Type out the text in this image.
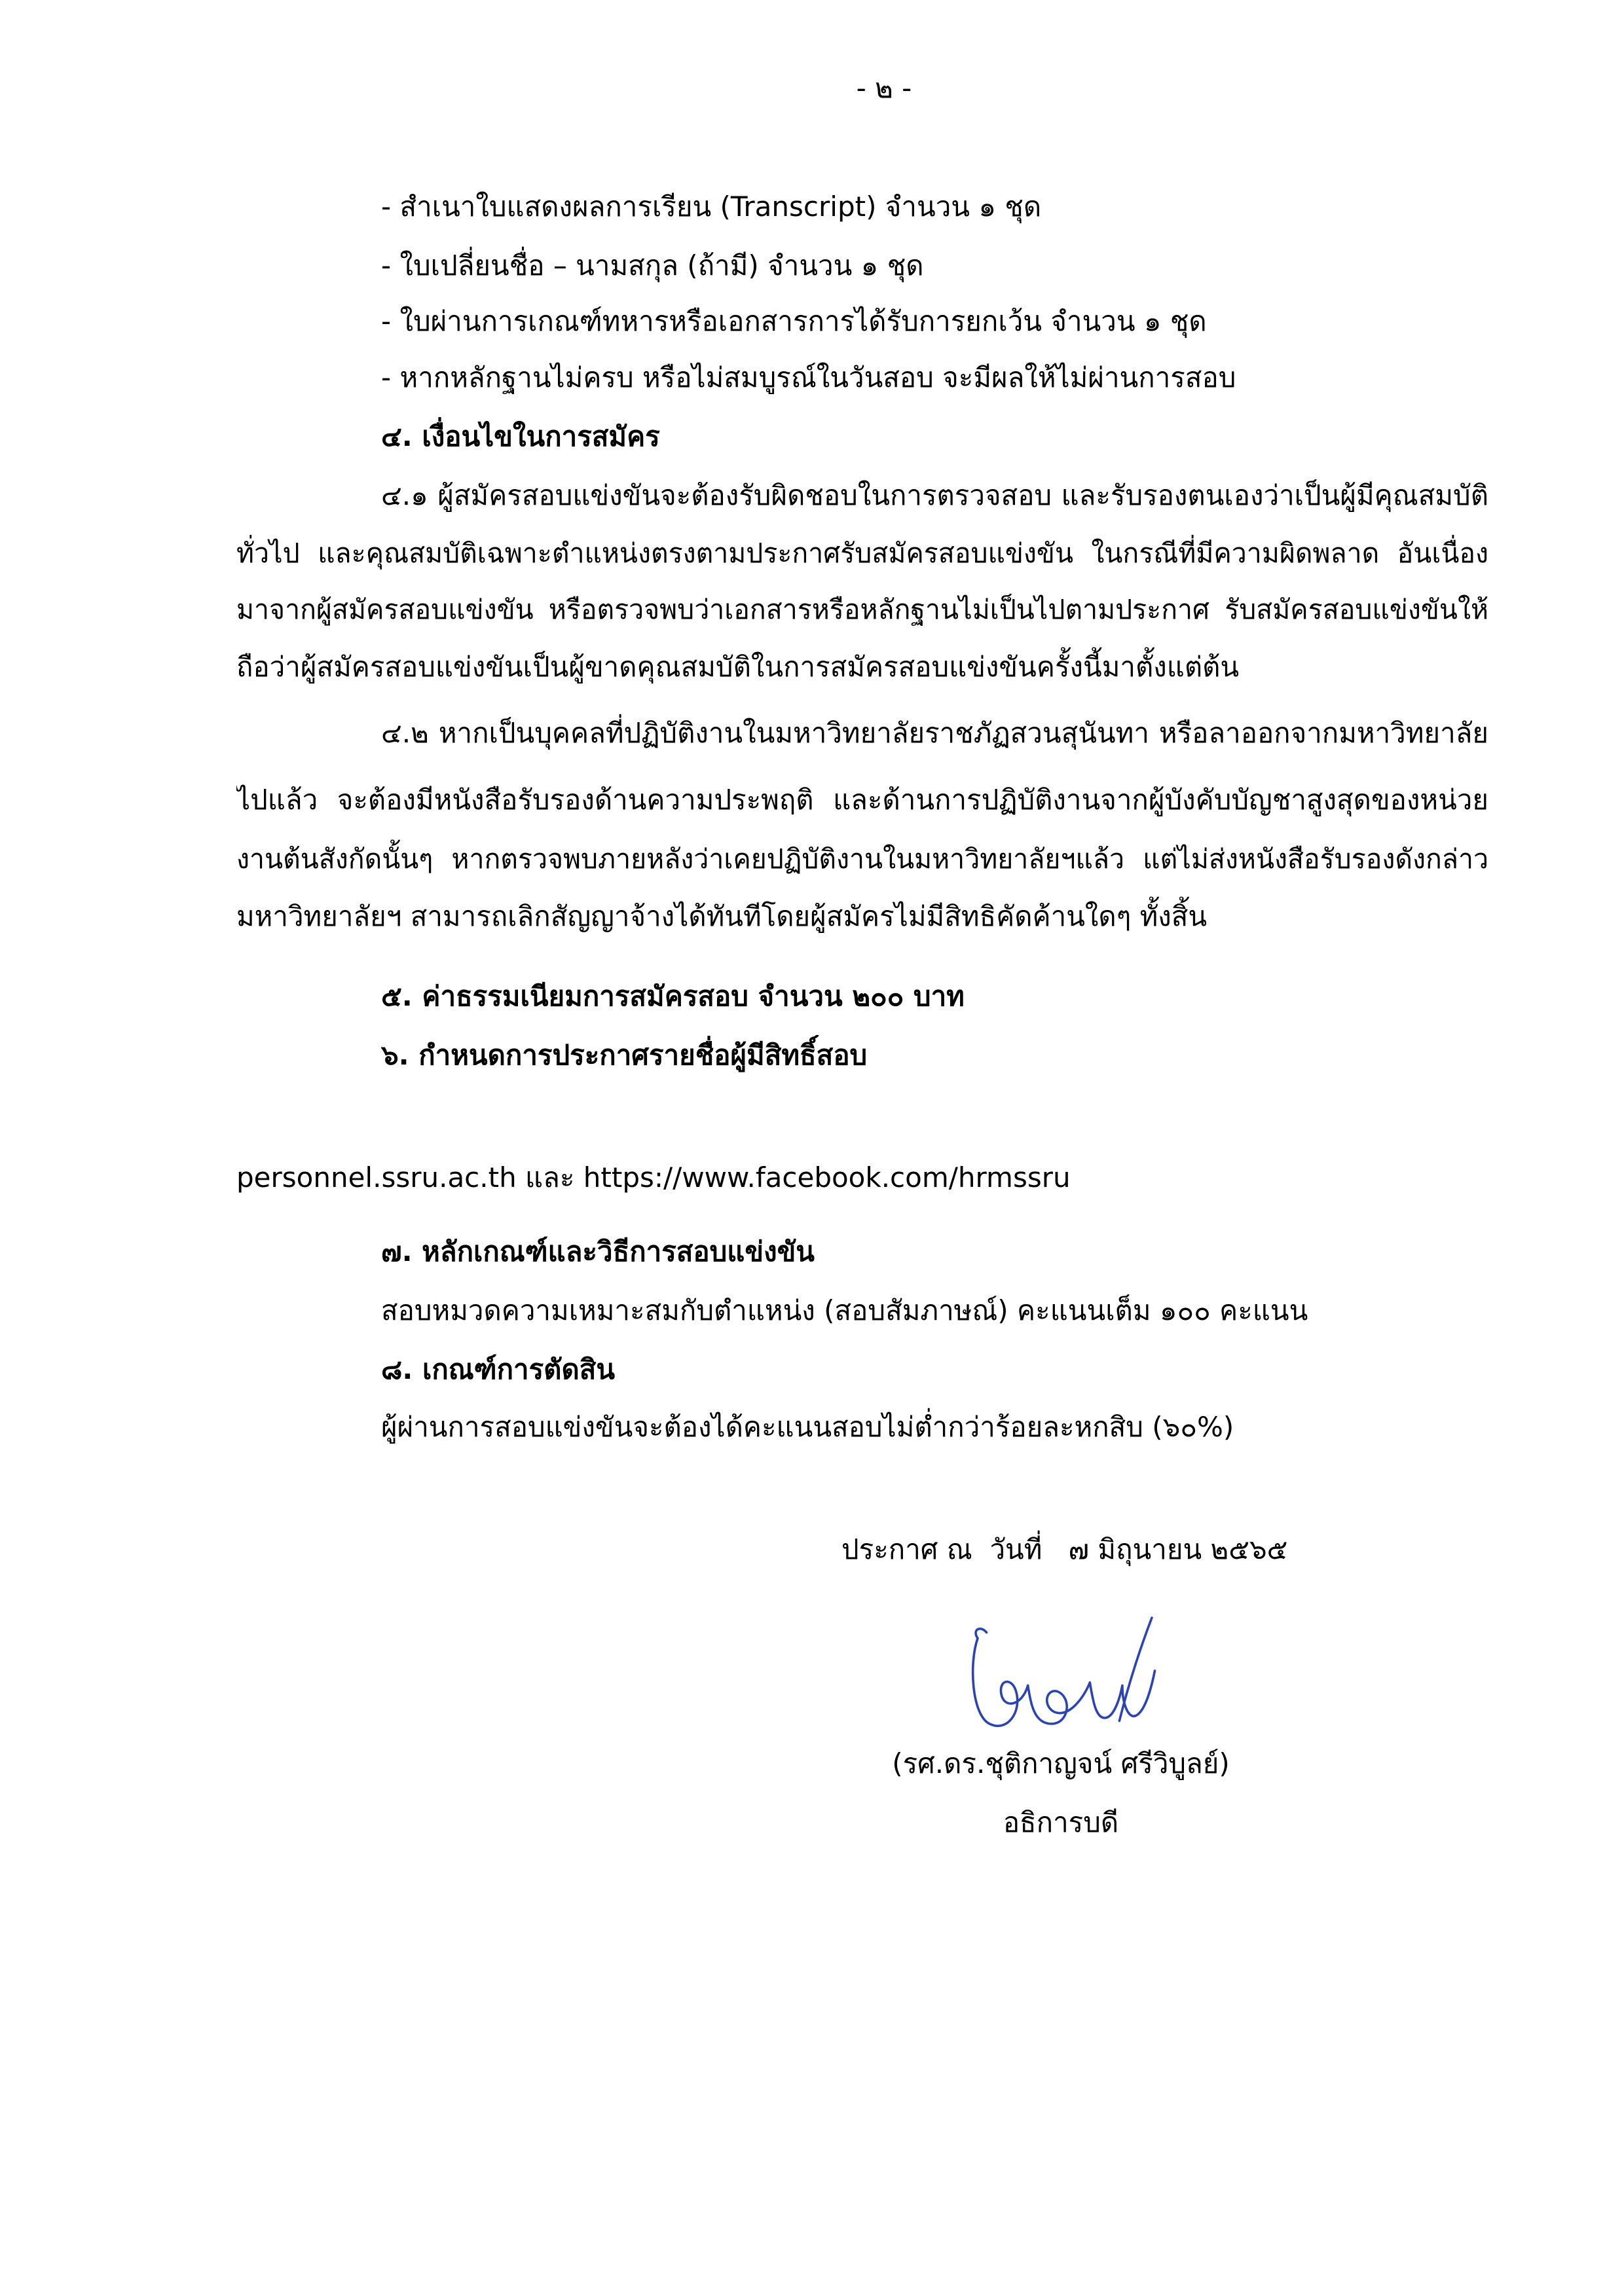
- ๒ -
- สำเนาใบแสดงผลการเรียน (Transcript) จำนวน ๑ ชุด
- ใบเปลี่ยนชื่อ – นามสกุล (ถ้ามี) จำนวน ๑ ชุด
- ใบผ่านการเกณฑ์ทหารหรือเอกสารการได้รับการยกเว้น จำนวน ๑ ชุด
- หากหลักฐานไม่ครบ หรือไม่สมบูรณ์ในวันสอบ จะมีผลให้ไม่ผ่านการสอบ
๔. เงื่อนไขในการสมัคร
๔.๑ ผู้สมัครสอบแข่งขันจะต้องรับผิดชอบในการตรวจสอบ และรับรองตนเองว่าเป็นผู้มีคุณสมบัติ
ทั่วไป และคุณสมบัติเฉพาะตำแหน่งตรงตามประกาศรับสมัครสอบแข่งขัน ในกรณีที่มีความผิดพลาด อันเนื่อง
มาจากผู้สมัครสอบแข่งขัน หรือตรวจพบว่าเอกสารหรือหลักฐานไม่เป็นไปตามประกาศ รับสมัครสอบแข่งขันให้
ถือว่าผู้สมัครสอบแข่งขันเป็นผู้ขาดคุณสมบัติในการสมัครสอบแข่งขันครั้งนี้มาตั้งแต่ต้น
๔.๒ หากเป็นบุคคลที่ปฏิบัติงานในมหาวิทยาลัยราชภัฏสวนสุนันทา หรือลาออกจากมหาวิทยาลัย
ไปแล้ว จะต้องมีหนังสือรับรองด้านความประพฤติ และด้านการปฏิบัติงานจากผู้บังคับบัญชาสูงสุดของหน่วย
งานต้นสังกัดนั้นๆ หากตรวจพบภายหลังว่าเคยปฏิบัติงานในมหาวิทยาลัยฯแล้ว แต่ไม่ส่งหนังสือรับรองดังกล่าว
มหาวิทยาลัยฯ สามารถเลิกสัญญาจ้างได้ทันทีโดยผู้สมัครไม่มีสิทธิคัดค้านใดๆ ทั้งสิ้น
๕. ค่าธรรมเนียมการสมัครสอบ จำนวน ๒๐๐ บาท
๖. กำหนดการประกาศรายชื่อผู้มีสิทธิ์สอบ

personnel.ssru.ac.th และ https://www.facebook.com/hrmssru
๗. หลักเกณฑ์และวิธีการสอบแข่งขัน
สอบหมวดความเหมาะสมกับตำแหน่ง (สอบสัมภาษณ์) คะแนนเต็ม ๑๐๐ คะแนน
๘. เกณฑ์การตัดสิน
ผู้ผ่านการสอบแข่งขันจะต้องได้คะแนนสอบไม่ต่ำกว่าร้อยละหกสิบ (๖๐%)
ประกาศ ณ  วันที่   ๗ มิถุนายน ๒๕๖๕
(รศ.ดร.ชุติกาญจน์ ศรีวิบูลย์)
อธิการบดี
